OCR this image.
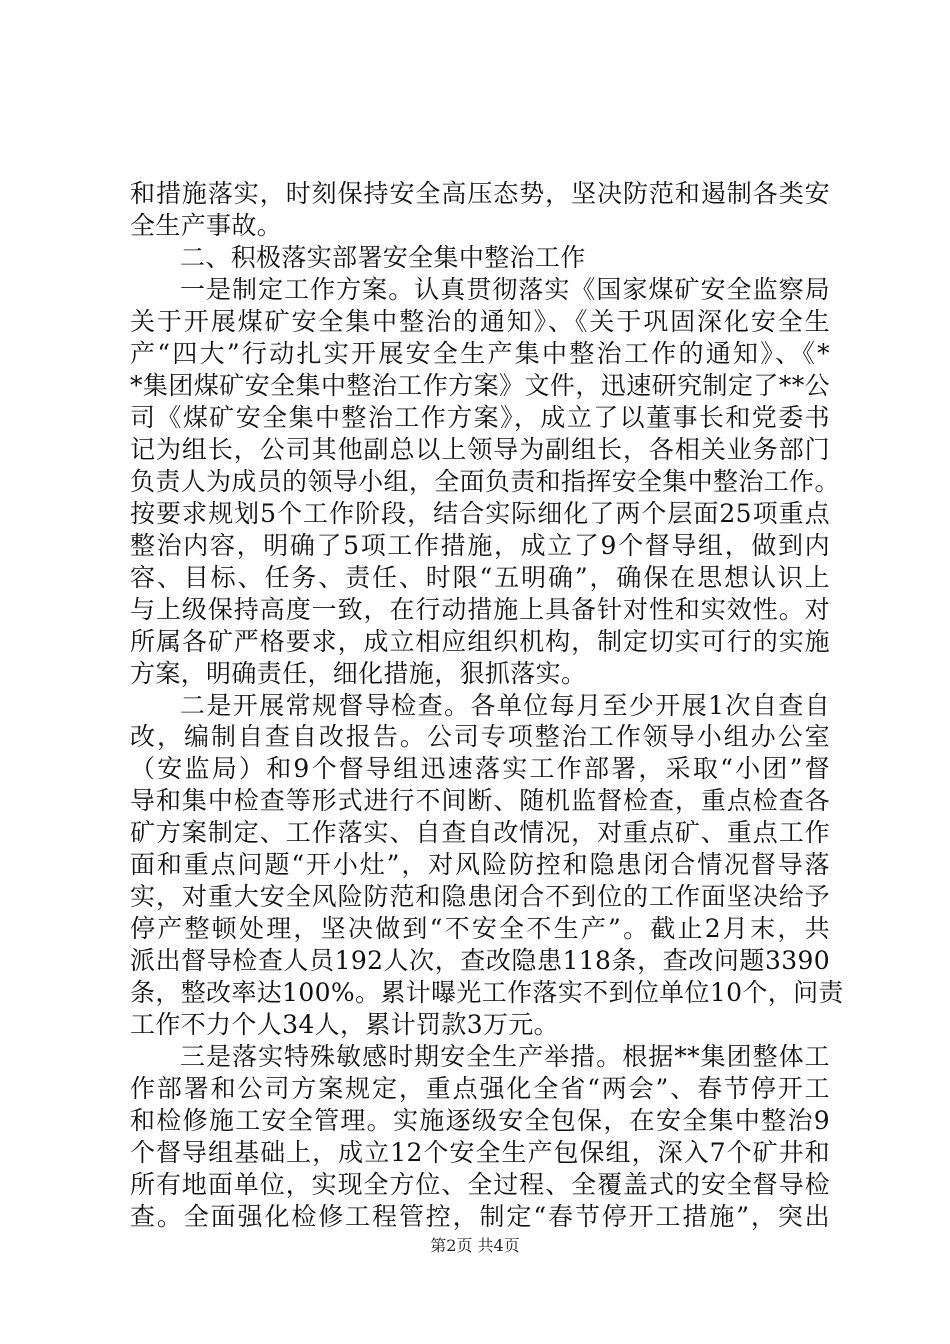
和措施落实，时刻保持安全高压态势，坚决防范和遏制各类安
全生产事故。
二、积极落实部署安全集中整治工作
一是制定工作方案。认真贯彻落实《国家煤矿安全监察局
关于开展煤矿安全集中整治的通知》、《关于巩固深化安全生
产“四大”行动扎实开展安全生产集中整治工作的通知》、《*
*集团煤矿安全集中整治工作方案》文件，迅速研究制定了**公
司《煤矿安全集中整治工作方案》，成立了以董事长和党委书
记为组长，公司其他副总以上领导为副组长，各相关业务部门
负责人为成员的领导小组，全面负责和指挥安全集中整治工作。
按要求规划5个工作阶段，结合实际细化了两个层面25项重点
整治内容，明确了5项工作措施，成立了9个督导组，做到内
容、目标、任务、责任、时限“五明确”，确保在思想认识上
与上级保持高度一致，在行动措施上具备针对性和实效性。对
所属各矿严格要求，成立相应组织机构，制定切实可行的实施
方案，明确责任，细化措施，狠抓落实。
二是开展常规督导检查。各单位每月至少开展1次自查自
改，编制自查自改报告。公司专项整治工作领导小组办公室
（安监局）和9个督导组迅速落实工作部署，采取“小团”督
导和集中检查等形式进行不间断、随机监督检查，重点检查各
矿方案制定、工作落实、自查自改情况，对重点矿、重点工作
面和重点问题“开小灶”，对风险防控和隐患闭合情况督导落
实，对重大安全风险防范和隐患闭合不到位的工作面坚决给予
停产整顿处理，坚决做到“不安全不生产”。截止2月末，共
派出督导检查人员192人次，查改隐患118条，查改问题3390
条，整改率达100%。累计曝光工作落实不到位单位10个，问责
工作不力个人34人，累计罚款3万元。
三是落实特殊敏感时期安全生产举措。根据**集团整体工
作部署和公司方案规定，重点强化全省“两会”、春节停开工
和检修施工安全管理。实施逐级安全包保，在安全集中整治9
个督导组基础上，成立12个安全生产包保组，深入7个矿井和
所有地面单位，实现全方位、全过程、全覆盖式的安全督导检
第2页 共4页
查。全面强化检修工程管控，制定“春节停开工措施”，突出
